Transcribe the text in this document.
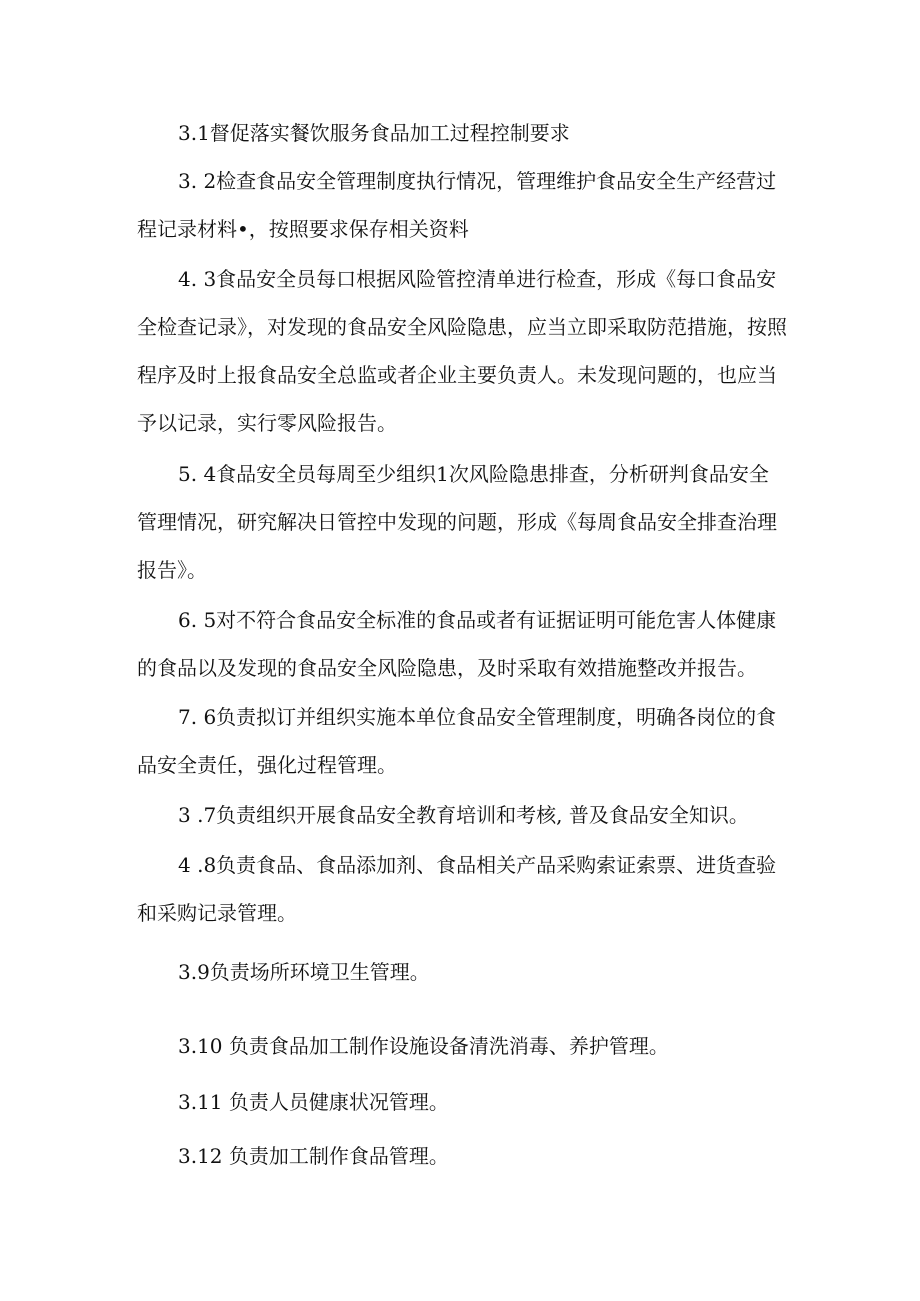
3.1督促落实餐饮服务食品加工过程控制要求

3. 2检查食品安全管理制度执行情况，管理维护食品安全生产经营过程记录材料•，按照要求保存相关资料

4. 3食品安全员每口根据风险管控清单进行检查，形成《每口食品安全检查记录》，对发现的食品安全风险隐患，应当立即采取防范措施，按照程序及时上报食品安全总监或者企业主要负责人。未发现问题的，也应当予以记录，实行零风险报告。

5. 4食品安全员每周至少组织1次风险隐患排查，分析研判食品安全管理情况，研究解决日管控中发现的问题，形成《每周食品安全排查治理报告》。

6. 5对不符合食品安全标准的食品或者有证据证明可能危害人体健康的食品以及发现的食品安全风险隐患，及时采取有效措施整改并报告。

7. 6负责拟订并组织实施本单位食品安全管理制度，明确各岗位的食品安全责任，强化过程管理。

3 .7负责组织开展食品安全教育培训和考核, 普及食品安全知识。

4 .8负责食品、食品添加剂、食品相关产品采购索证索票、进货查验和采购记录管理。

3.9负责场所环境卫生管理。

3.10 负责食品加工制作设施设备清洗消毒、养护管理。

3.11 负责人员健康状况管理。

3.12 负责加工制作食品管理。
